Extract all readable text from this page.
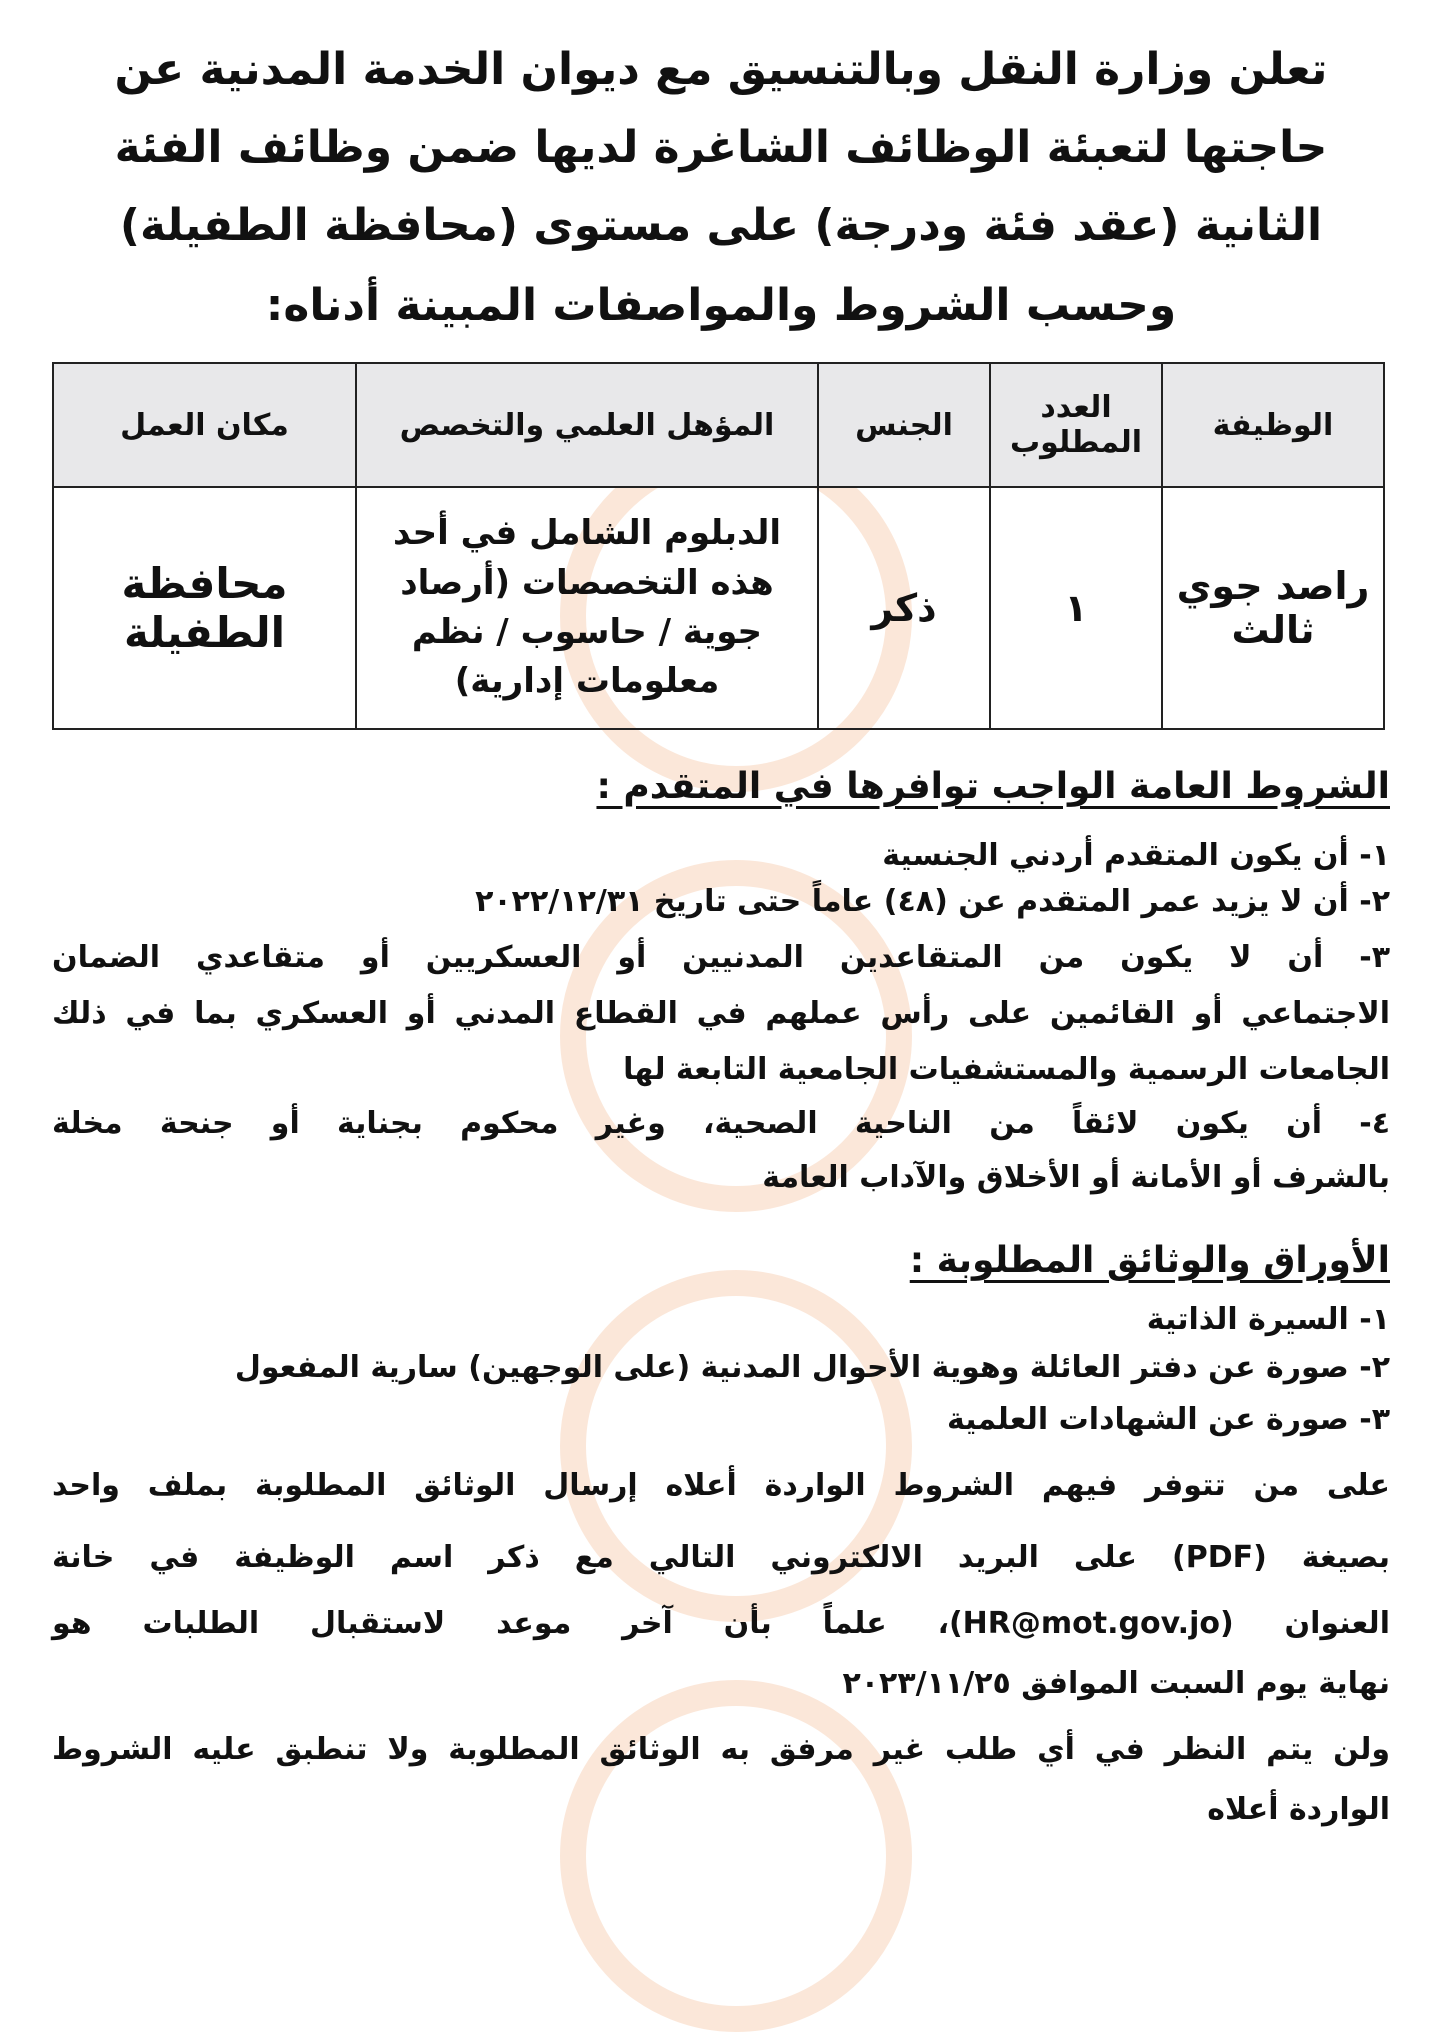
تعلن وزارة النقل وبالتنسيق مع ديوان الخدمة المدنية عن
حاجتها لتعبئة الوظائف الشاغرة لديها ضمن وظائف الفئة
الثانية (عقد فئة ودرجة) على مستوى (محافظة الطفيلة)
وحسب الشروط والمواصفات المبينة أدناه:
الوظيفة	العدد المطلوب	الجنس	المؤهل العلمي والتخصص	مكان العمل
راصد جوي ثالث	١	ذكر	الدبلوم الشامل في أحد هذه التخصصات (أرصاد جوية / حاسوب / نظم معلومات إدارية)	محافظة الطفيلة
الشروط العامة الواجب توافرها في المتقدم :
١- أن يكون المتقدم أردني الجنسية
٢- أن لا يزيد عمر المتقدم عن (٤٨) عاماً حتى تاريخ ٢٠٢٢/١٢/٣١
٣- أن لا يكون من المتقاعدين المدنيين أو العسكريين أو متقاعدي الضمان
الاجتماعي أو القائمين على رأس عملهم في القطاع المدني أو العسكري بما في ذلك
الجامعات الرسمية والمستشفيات الجامعية التابعة لها
٤- أن يكون لائقاً من الناحية الصحية، وغير محكوم بجناية أو جنحة مخلة
بالشرف أو الأمانة أو الأخلاق والآداب العامة
الأوراق والوثائق المطلوبة :
١- السيرة الذاتية
٢- صورة عن دفتر العائلة وهوية الأحوال المدنية (على الوجهين) سارية المفعول
٣- صورة عن الشهادات العلمية
على من تتوفر فيهم الشروط الواردة أعلاه إرسال الوثائق المطلوبة بملف واحد
بصيغة (PDF) على البريد الالكتروني التالي مع ذكر اسم الوظيفة في خانة
العنوان (HR@mot.gov.jo)، علماً بأن آخر موعد لاستقبال الطلبات هو
نهاية يوم السبت الموافق ٢٠٢٣/١١/٢٥
ولن يتم النظر في أي طلب غير مرفق به الوثائق المطلوبة ولا تنطبق عليه الشروط
الواردة أعلاه
